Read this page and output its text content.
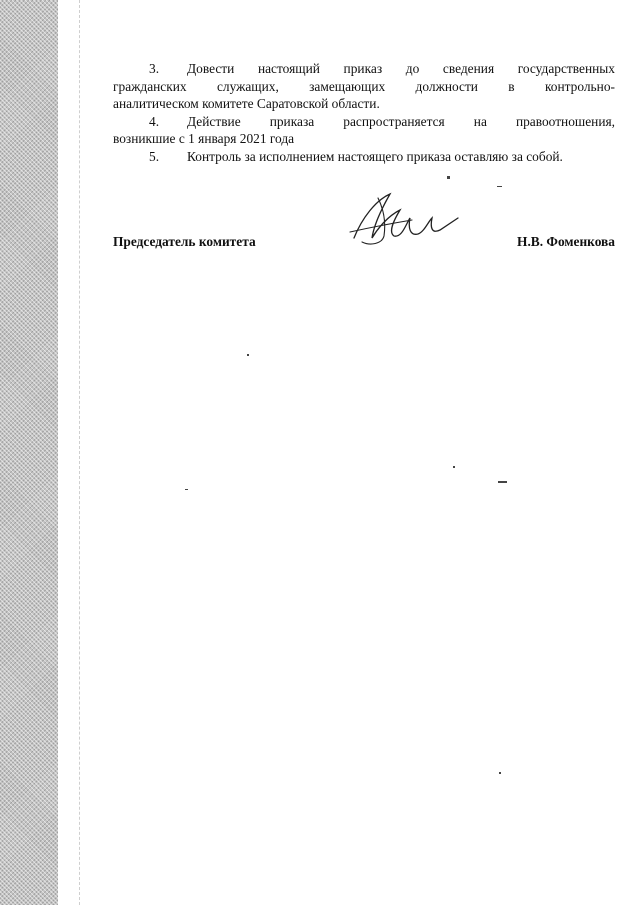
3. Довести настоящий приказ до сведения государственных

гражданских служащих, замещающих должности в контрольно-

аналитическом комитете Саратовской области.

4. Действие приказа распространяется на правоотношения,

возникшие с 1 января 2021 года

5. Контроль за исполнением настоящего приказа оставляю за собой.

Председатель комитета	Н.В. Фоменкова
